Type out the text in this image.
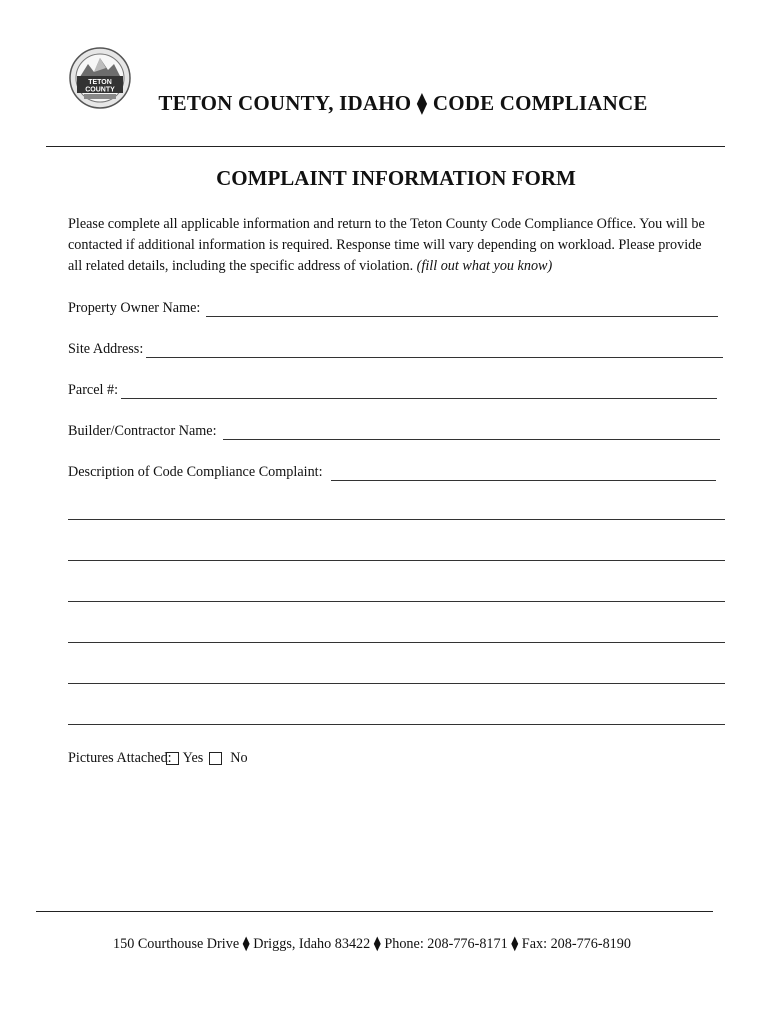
TETON
COUNTY
TETON COUNTY, IDAHO ⧫ CODE COMPLIANCE
COMPLAINT INFORMATION FORM
Please complete all applicable information and return to the Teton County Code Compliance Office. You will be contacted if additional information is required. Response time will vary depending on workload. Please provide all related details, including the specific address of violation. (fill out what you know)
Property Owner Name:
Site Address:
Parcel #:
Builder/Contractor Name:
Description of Code Compliance Complaint:
Pictures Attached: Yes No
150 Courthouse Drive ⧫ Driggs, Idaho 83422 ⧫ Phone: 208-776-8171 ⧫ Fax: 208-776-8190
